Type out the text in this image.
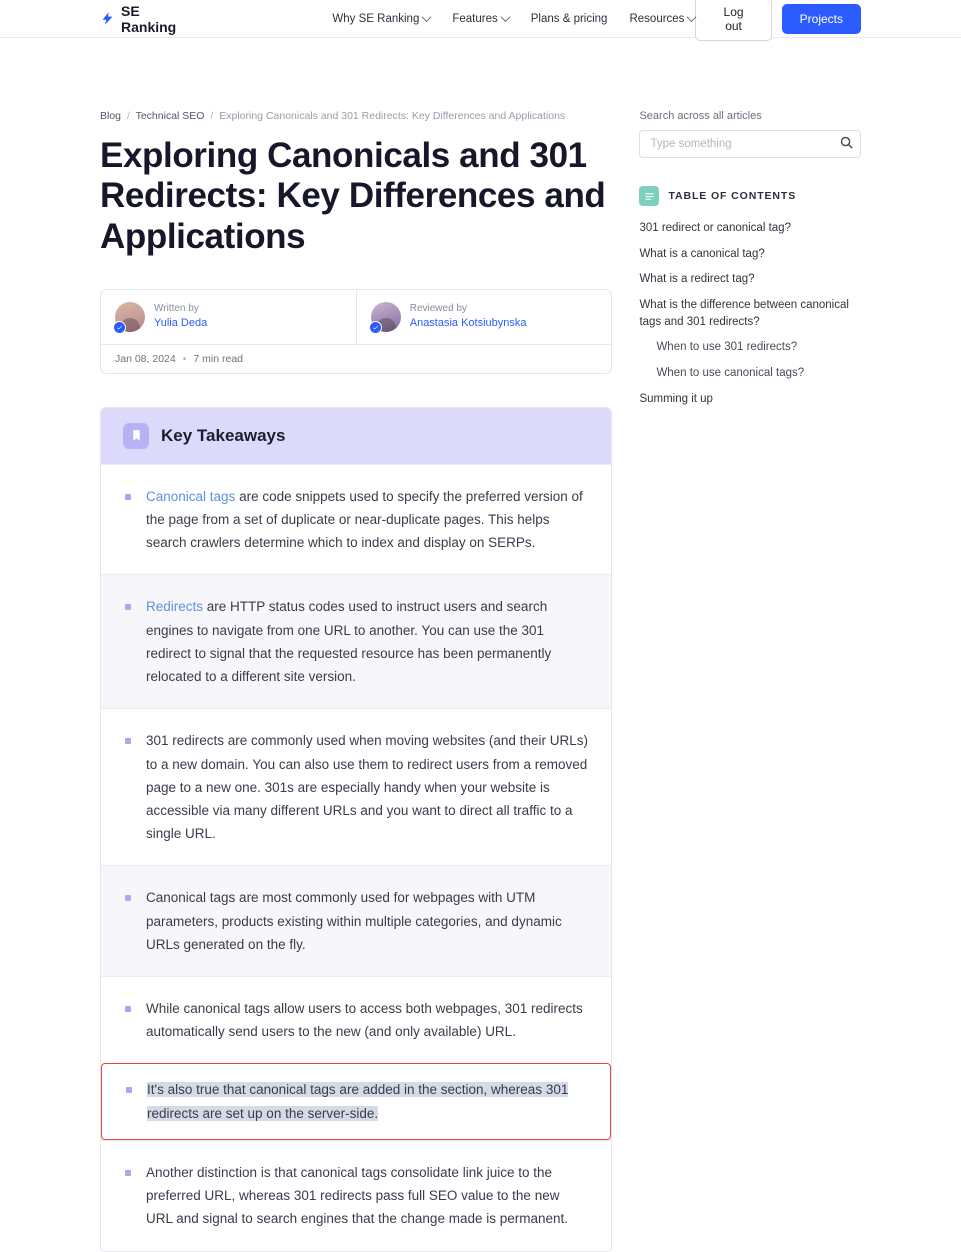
SE Ranking	Why SE Ranking	Features	Plans & pricing Resources	Log out	Projects
Blog / Technical SEO / Exploring Canonicals and 301 Redirects: Key Differences and Applications
Exploring Canonicals and 301 Redirects: Key Differences and Applications
Written by
Yulia Deda
Reviewed by
Anastasia Kotsiubynska
Jan 08, 2024 • 7 min read
Key Takeaways

Canonical tags are code snippets used to specify the preferred version of the page from a set of duplicate or near-duplicate pages. This helps search crawlers determine which to index and display on SERPs.

Redirects are HTTP status codes used to instruct users and search engines to navigate from one URL to another. You can use the 301 redirect to signal that the requested resource has been permanently relocated to a different site version.

301 redirects are commonly used when moving websites (and their URLs) to a new domain. You can also use them to redirect users from a removed page to a new one. 301s are especially handy when your website is accessible via many different URLs and you want to direct all traffic to a single URL.

Canonical tags are most commonly used for webpages with UTM parameters, products existing within multiple categories, and dynamic URLs generated on the fly.

While canonical tags allow users to access both webpages, 301 redirects automatically send users to the new (and only available) URL.

It's also true that canonical tags are added in the section, whereas 301 redirects are set up on the server-side.

Another distinction is that canonical tags consolidate link juice to the preferred URL, whereas 301 redirects pass full SEO value to the new URL and signal to search engines that the change made is permanent.

Search across all articles
Type something
TABLE OF CONTENTS
301 redirect or canonical tag?
What is a canonical tag?
What is a redirect tag?
What is the difference between canonical tags and 301 redirects?
When to use 301 redirects?
When to use canonical tags?
Summing it up
